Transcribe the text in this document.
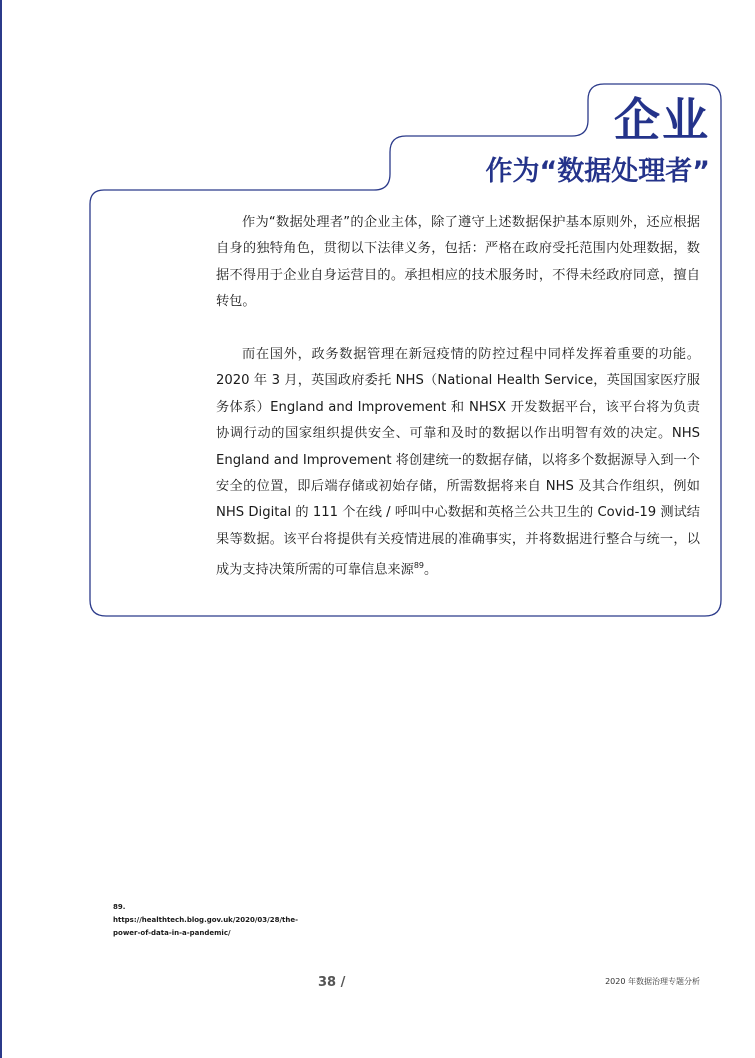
企业
作为“数据处理者”

作为“数据处理者”的企业主体，除了遵守上述数据保护基本原则外，还应根据自身的独特角色，贯彻以下法律义务，包括：严格在政府受托范围内处理数据，数据不得用于企业自身运营目的。承担相应的技术服务时，不得未经政府同意，擅自转包。

而在国外，政务数据管理在新冠疫情的防控过程中同样发挥着重要的功能。2020 年 3 月，英国政府委托 NHS（National Health Service，英国国家医疗服务体系）England and Improvement 和 NHSX 开发数据平台，该平台将为负责协调行动的国家组织提供安全、可靠和及时的数据以作出明智有效的决定。NHS England and Improvement 将创建统一的数据存储，以将多个数据源导入到一个安全的位置，即后端存储或初始存储，所需数据将来自 NHS 及其合作组织，例如 NHS Digital 的 111 个在线 / 呼叫中心数据和英格兰公共卫生的 Covid-19 测试结果等数据。该平台将提供有关疫情进展的准确事实，并将数据进行整合与统一，以成为支持决策所需的可靠信息来源$^{89}$。

89. https://healthtech.blog.gov.uk/2020/03/28/the-
power-of-data-in-a-pandemic/
38 /	2020 年数据治理专题分析
